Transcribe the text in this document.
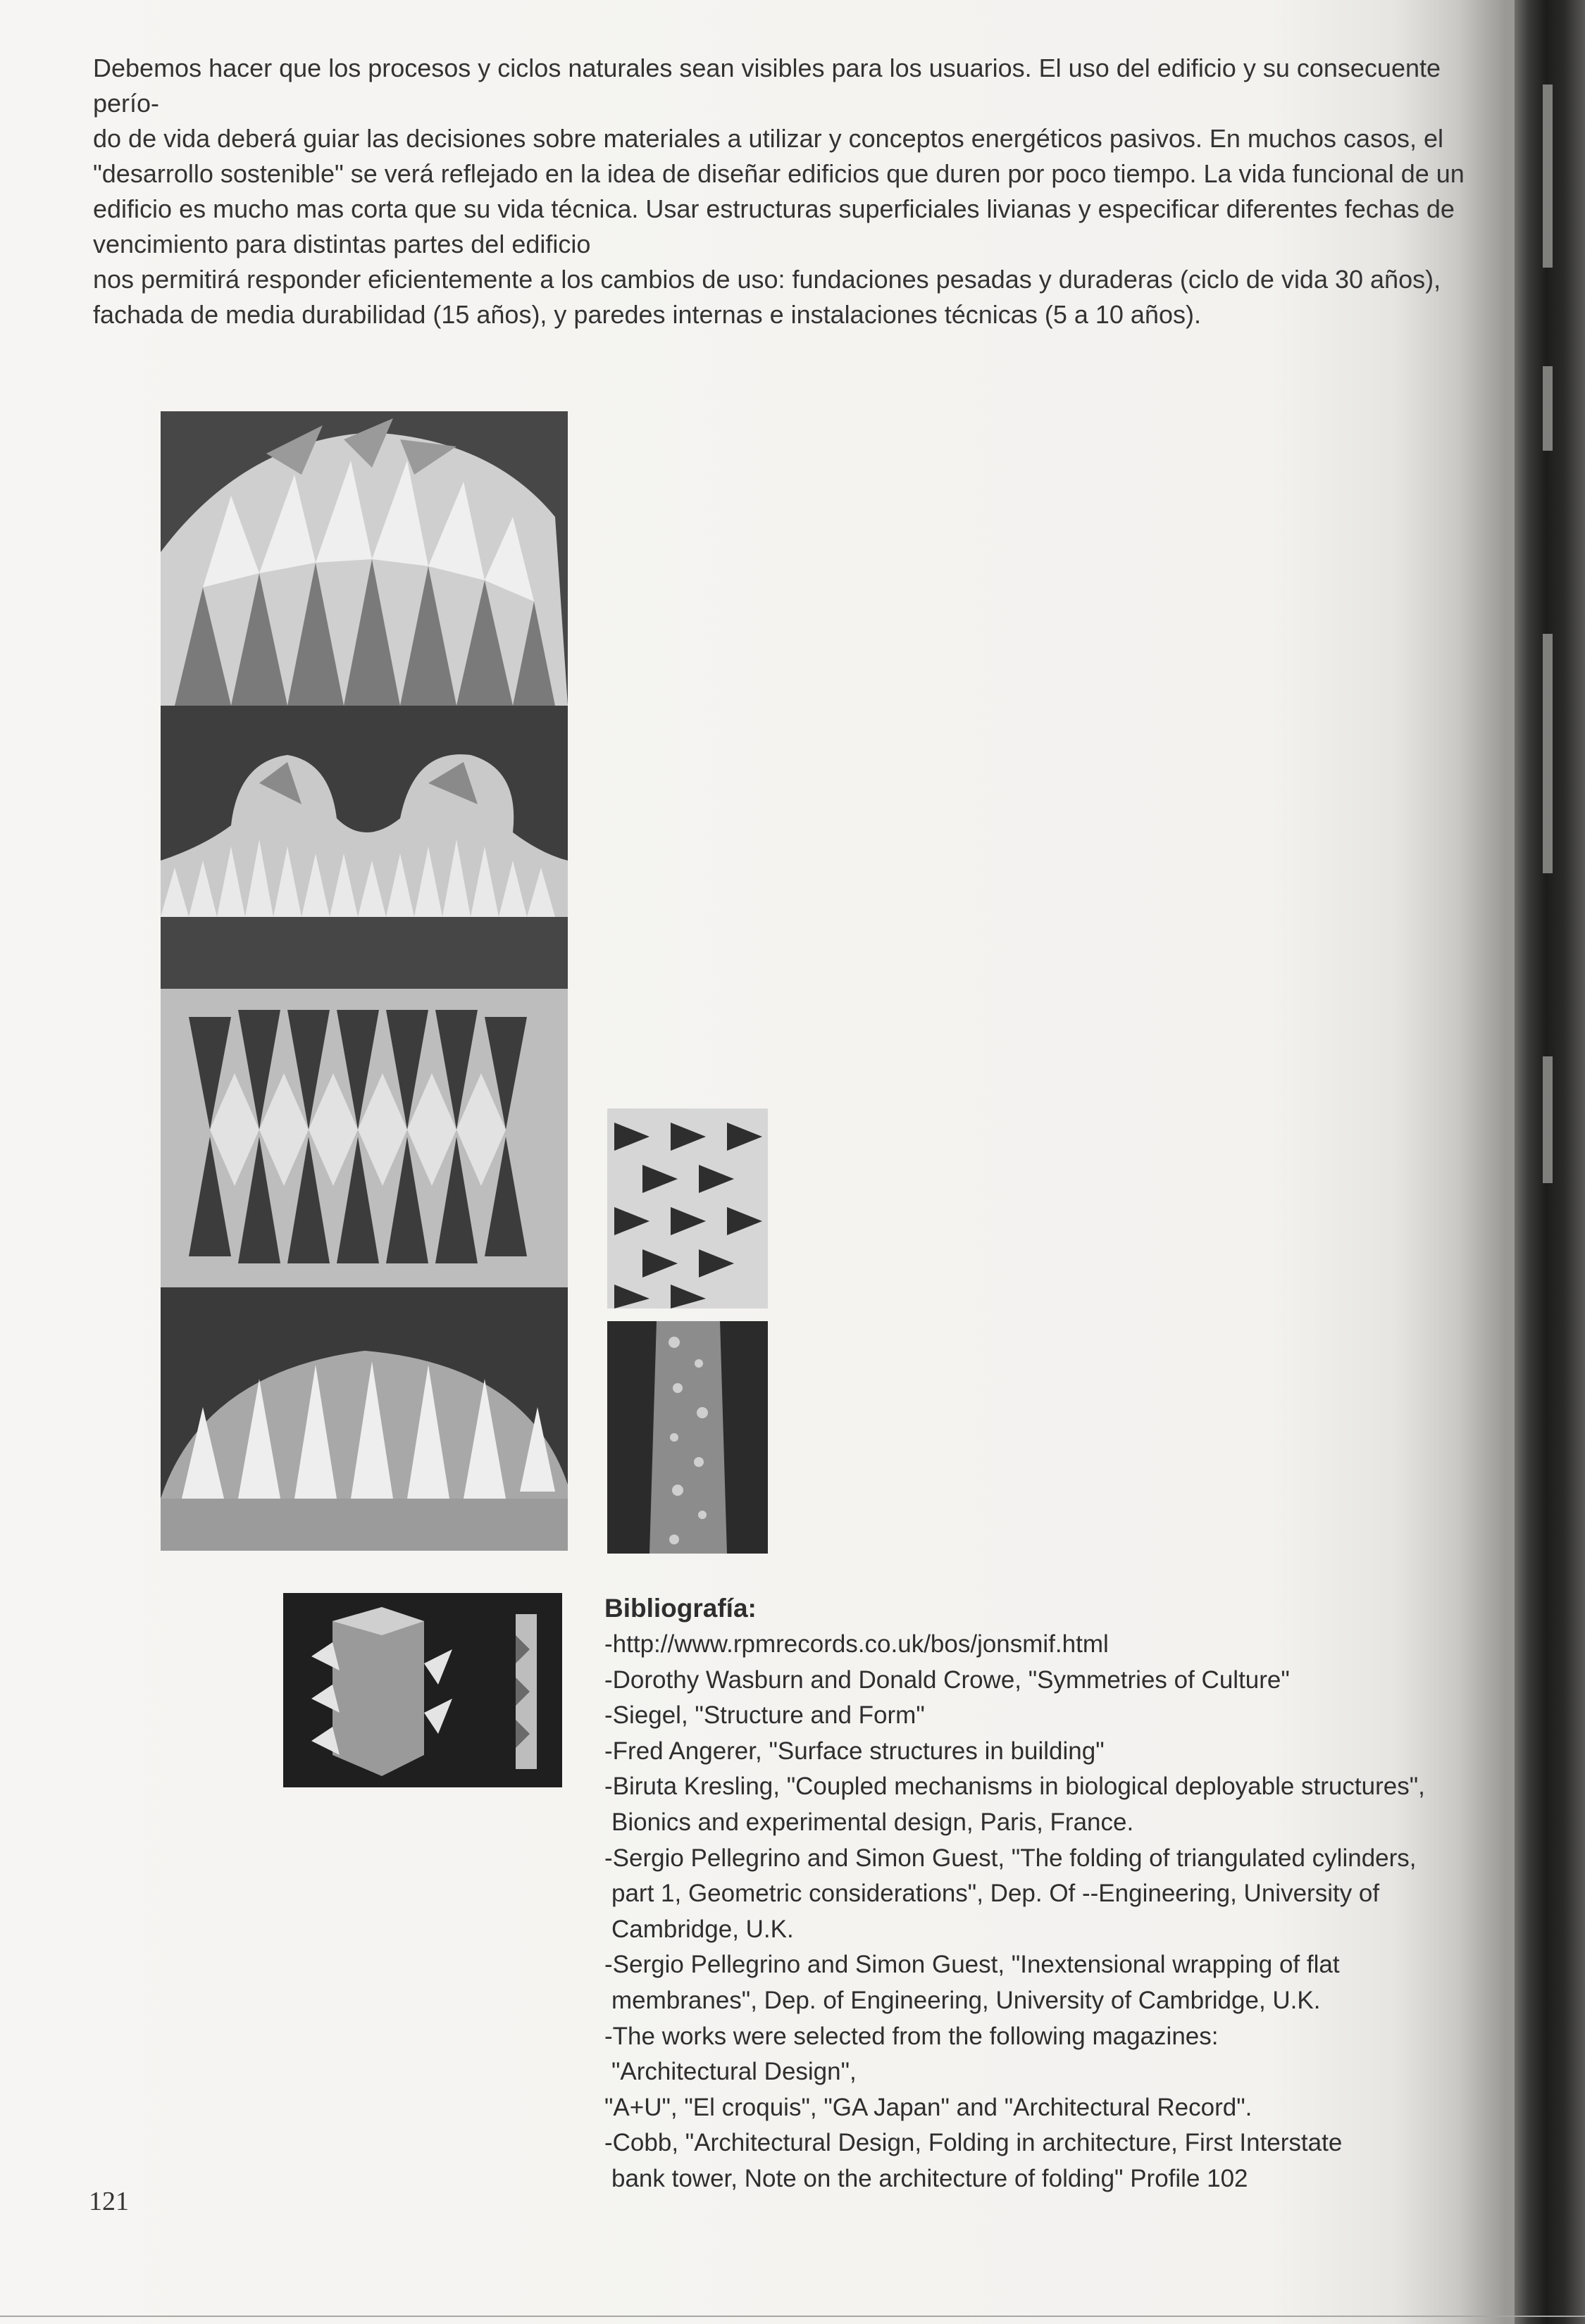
Debemos hacer que los procesos y ciclos naturales sean visibles para los usuarios. El uso del edificio y su consecuente perío-

do de vida deberá guiar las decisiones sobre materiales a utilizar y conceptos energéticos pasivos. En muchos casos, el

"desarrollo sostenible" se verá reflejado en la idea de diseñar edificios que duren por poco tiempo. La vida funcional de un

edificio es mucho mas corta que su vida técnica. Usar estructuras superficiales livianas y especificar diferentes fechas de

vencimiento para distintas partes del edificio

nos permitirá responder eficientemente a los cambios de uso: fundaciones pesadas y duraderas (ciclo de vida 30 años),

fachada de media durabilidad (15 años), y paredes internas e instalaciones técnicas (5 a 10 años).

Bibliografía:
-http://www.rpmrecords.co.uk/bos/jonsmif.html
-Dorothy Wasburn and Donald Crowe, "Symmetries of Culture"
-Siegel, "Structure and Form"
-Fred Angerer, "Surface structures in building"
-Biruta Kresling, "Coupled mechanisms in biological deployable structures",
Bionics and experimental design, Paris, France.
-Sergio Pellegrino and Simon Guest, "The folding of triangulated cylinders,
part 1, Geometric considerations", Dep. Of --Engineering, University of
Cambridge, U.K.
-Sergio Pellegrino and Simon Guest, "Inextensional wrapping of flat
membranes", Dep. of Engineering, University of Cambridge, U.K.
-The works were selected from the following magazines:
"Architectural Design",
"A+U", "El croquis", "GA Japan" and "Architectural Record".
-Cobb, "Architectural Design, Folding in architecture, First Interstate
bank tower, Note on the architecture of folding" Profile 102
121
